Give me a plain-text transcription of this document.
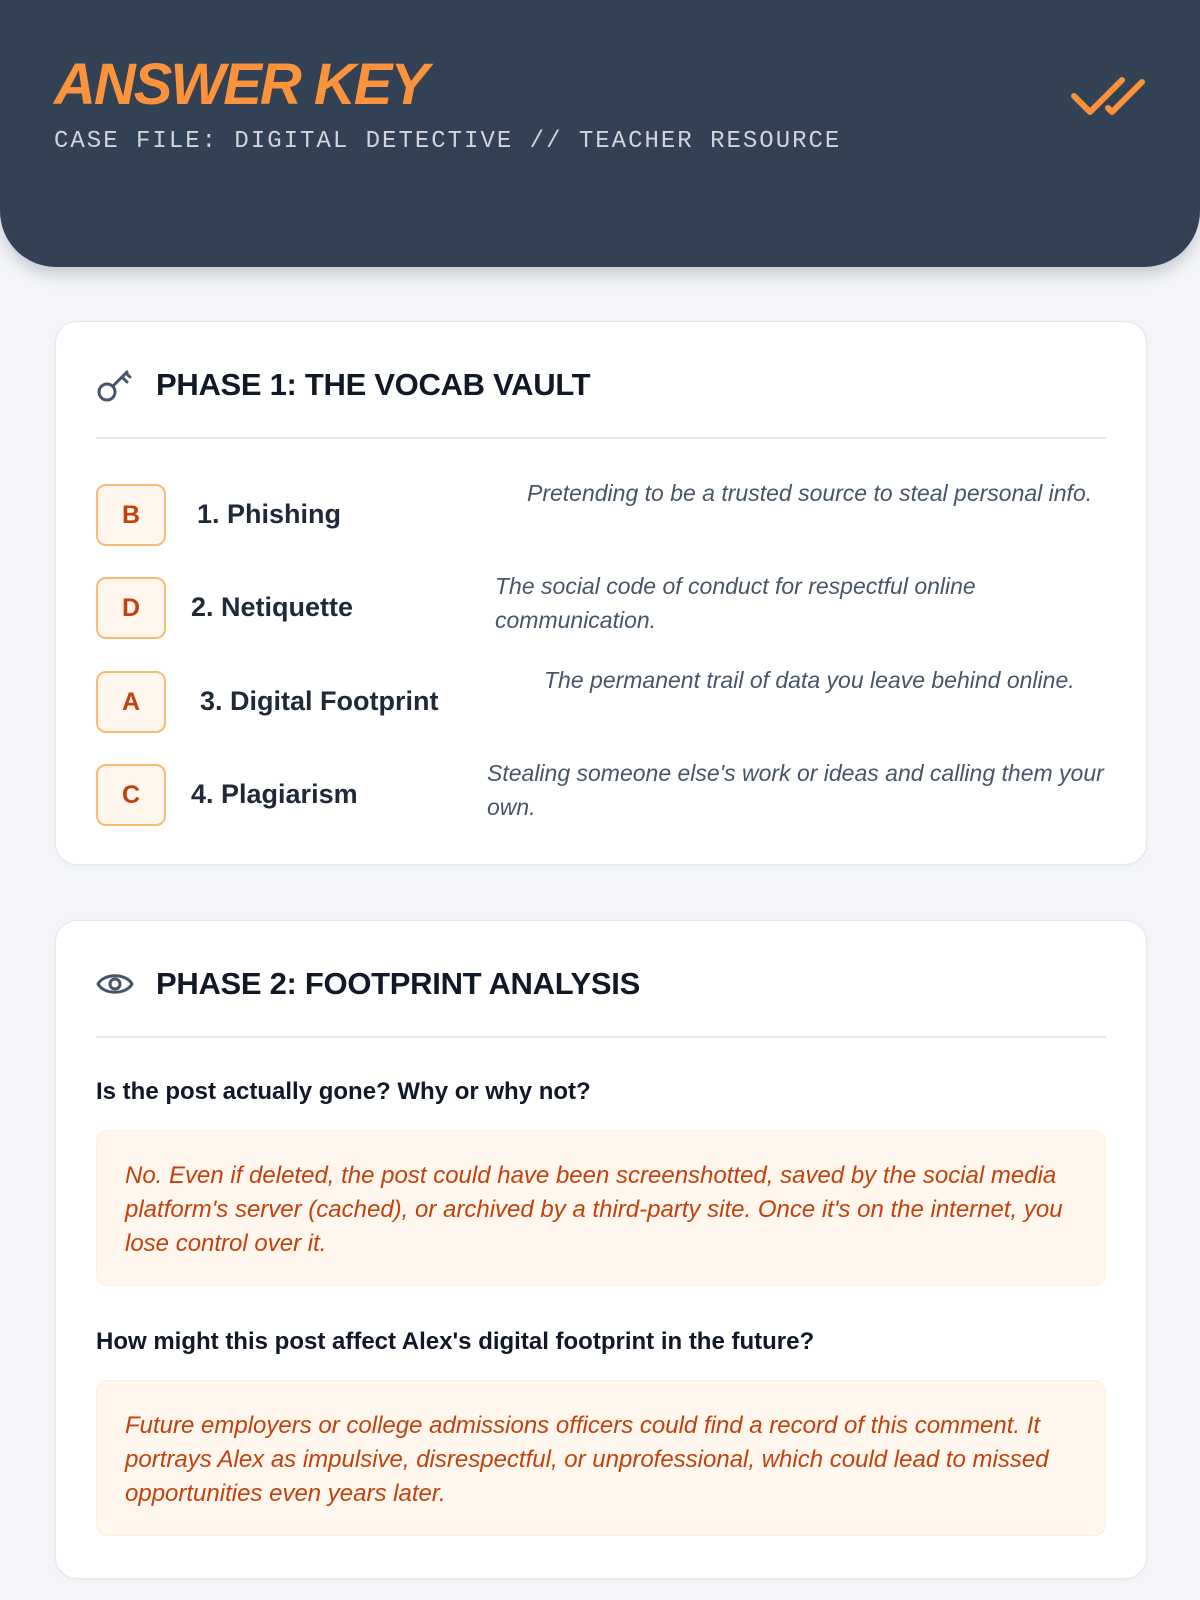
ANSWER KEY
CASE FILE: DIGITAL DETECTIVE // TEACHER RESOURCE
PHASE 1: THE VOCAB VAULT
B	1. Phishing
Pretending to be a trusted source to steal personal info.
D	2. Netiquette
The social code of conduct for respectful online communication.
A	3. Digital Footprint
The permanent trail of data you leave behind online.
C	4. Plagiarism
Stealing someone else's work or ideas and calling them your own.
PHASE 2: FOOTPRINT ANALYSIS
Is the post actually gone? Why or why not?
No. Even if deleted, the post could have been screenshotted, saved by the social media platform's server (cached), or archived by a third-party site. Once it's on the internet, you lose control over it.
How might this post affect Alex's digital footprint in the future?
Future employers or college admissions officers could find a record of this comment. It portrays Alex as impulsive, disrespectful, or unprofessional, which could lead to missed opportunities even years later.
